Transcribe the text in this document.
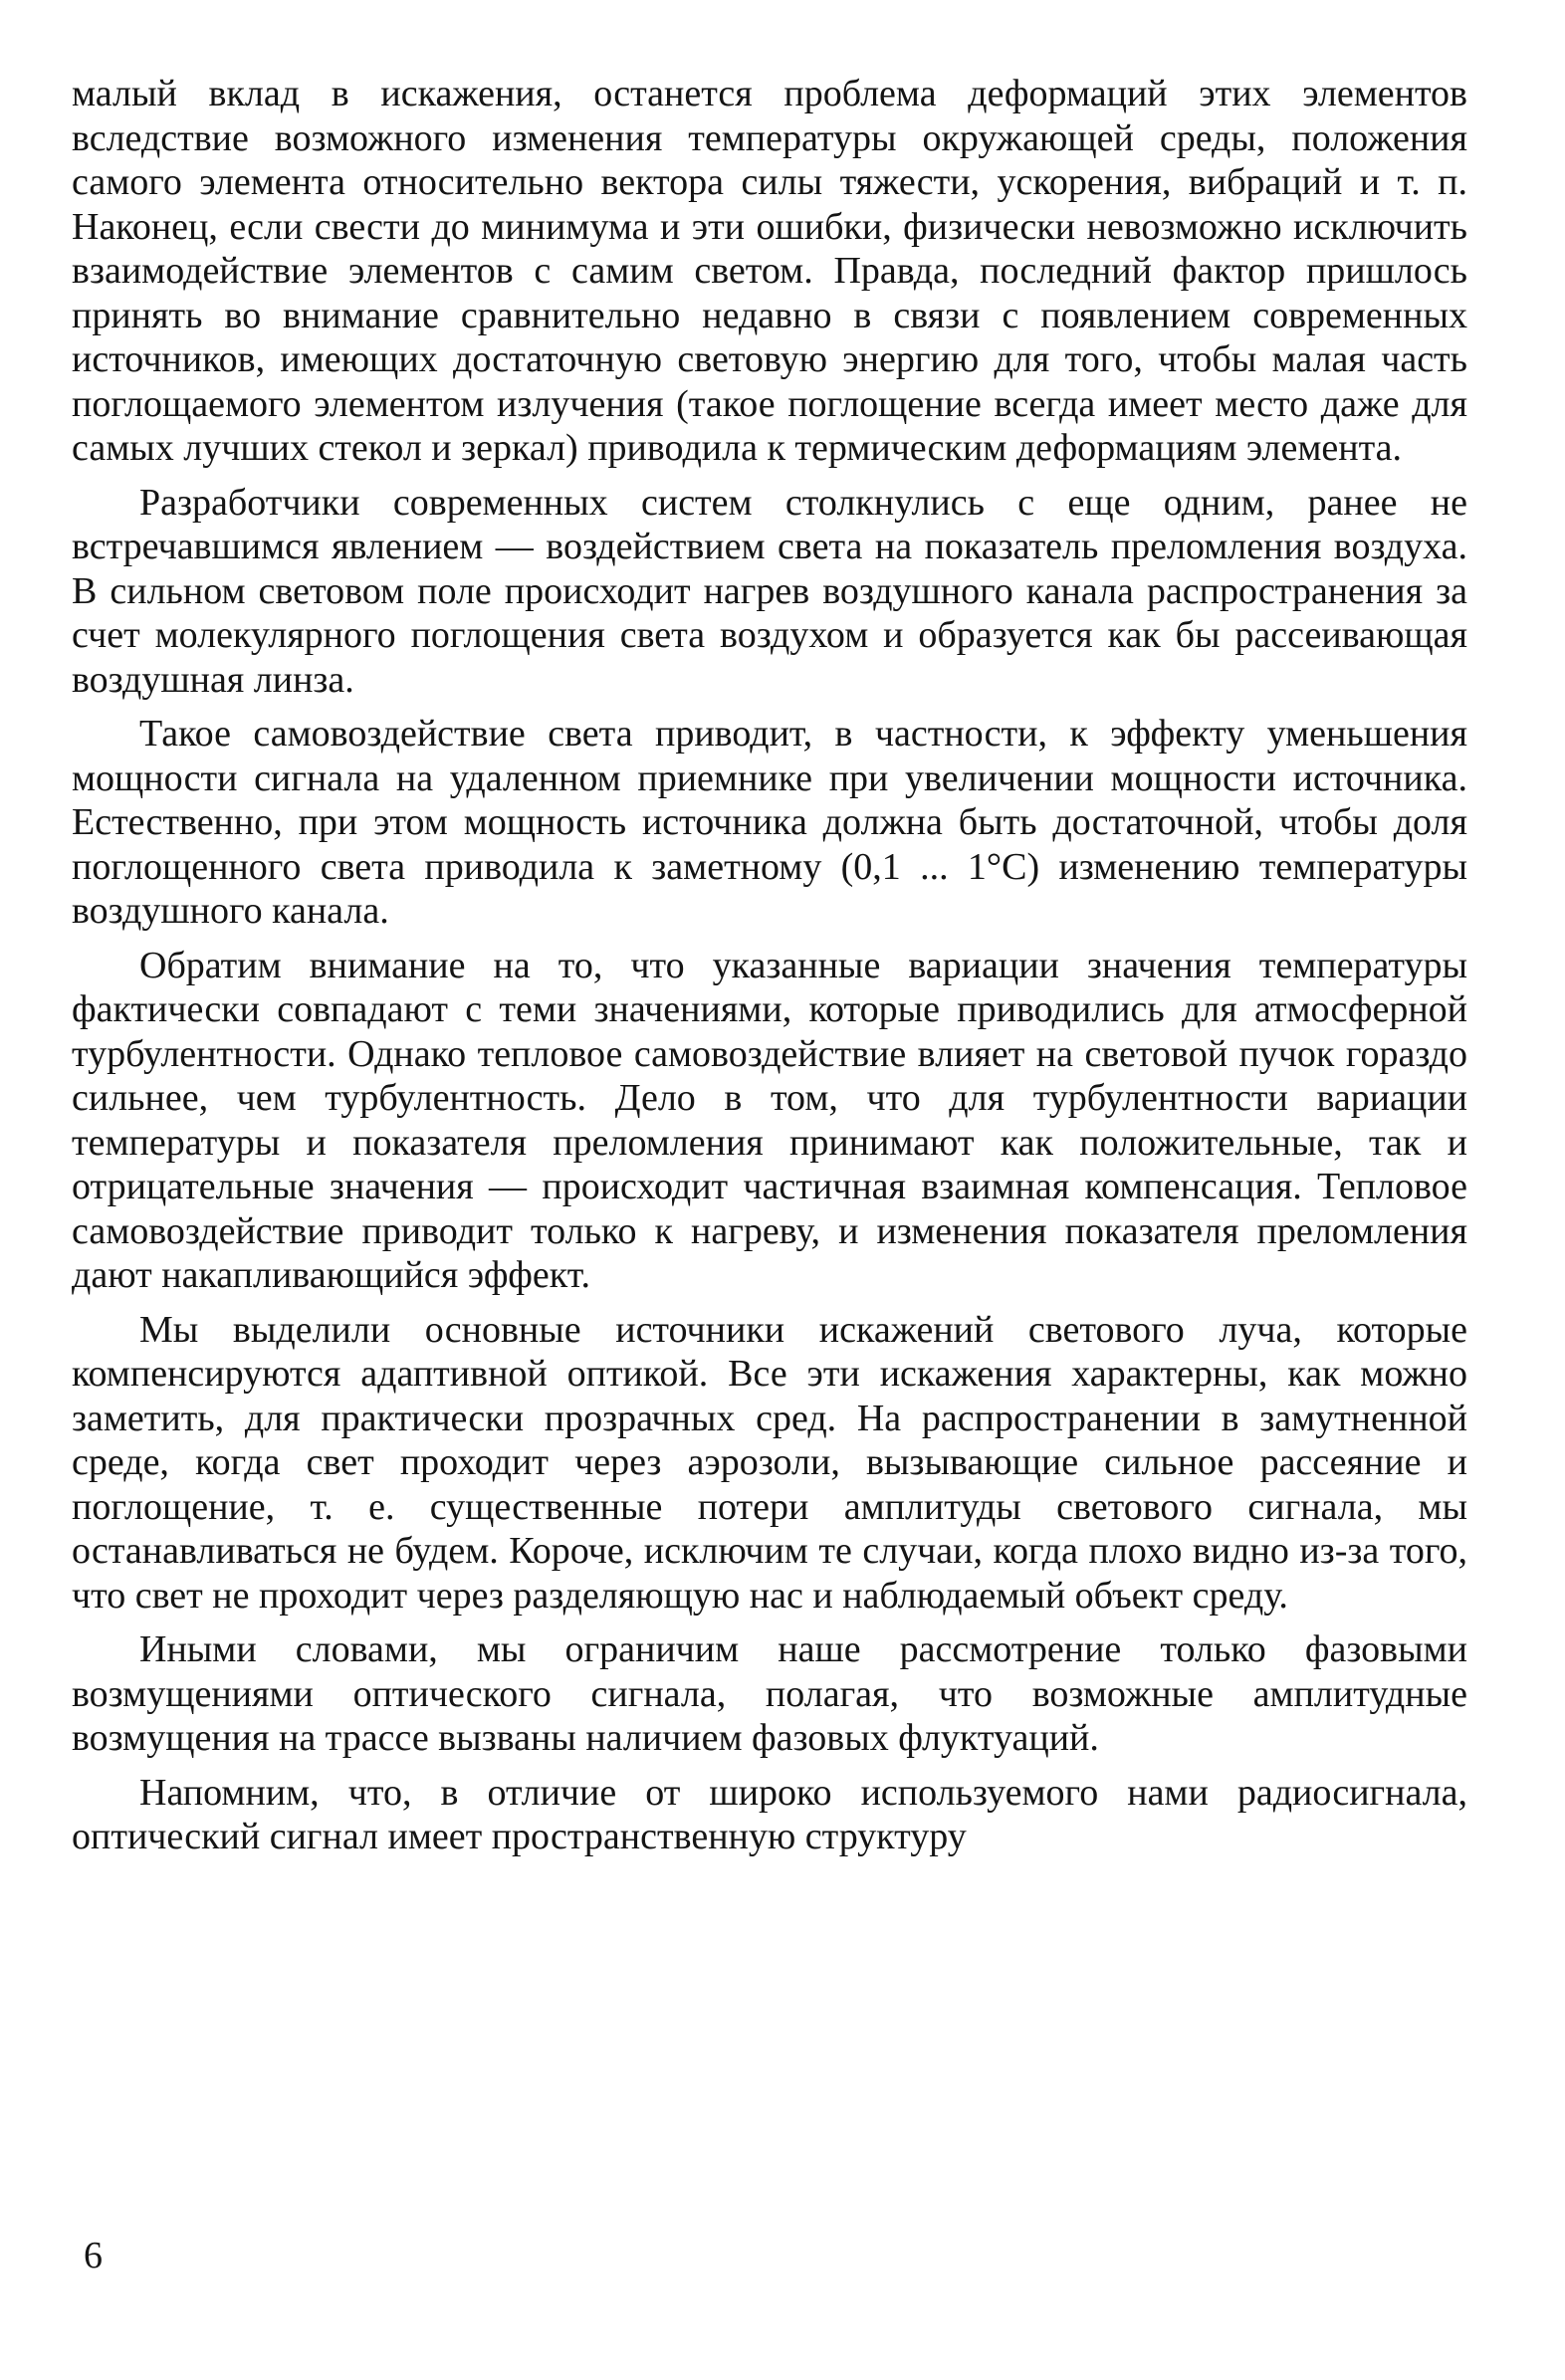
малый вклад в искажения, останется проблема деформаций этих элементов вследствие возможного изменения температуры окружающей среды, положения самого элемента относительно вектора силы тяжести, ускорения, вибраций и т. п. Наконец, если свести до минимума и эти ошибки, физически невозможно исключить взаимодействие элементов с самим светом. Правда, последний фактор пришлось принять во внимание сравнительно недавно в связи с появлением современных источников, имеющих достаточную световую энергию для того, чтобы малая часть поглощаемого элементом излучения (такое поглощение всегда имеет место даже для самых лучших стекол и зеркал) приводила к термическим деформациям элемента.

Разработчики современных систем столкнулись с еще одним, ранее не встречавшимся явлением — воздействием света на показатель преломления воздуха. В сильном световом поле происходит нагрев воздушного канала распространения за счет молекулярного поглощения света воздухом и образуется как бы рассеивающая воздушная линза.

Такое самовоздействие света приводит, в частности, к эффекту уменьшения мощности сигнала на удаленном приемнике при увеличении мощности источника. Естественно, при этом мощность источника должна быть достаточной, чтобы доля поглощенного света приводила к заметному (0,1 ... 1°C) изменению температуры воздушного канала.

Обратим внимание на то, что указанные вариации значения температуры фактически совпадают с теми значениями, которые приводились для атмосферной турбулентности. Однако тепловое самовоздействие влияет на световой пучок гораздо сильнее, чем турбулентность. Дело в том, что для турбулентности вариации температуры и показателя преломления принимают как положительные, так и отрицательные значения — происходит частичная взаимная компенсация. Тепловое самовоздействие приводит только к нагреву, и изменения показателя преломления дают накапливающийся эффект.

Мы выделили основные источники искажений светового луча, которые компенсируются адаптивной оптикой. Все эти искажения характерны, как можно заметить, для практически прозрачных сред. На распространении в замутненной среде, когда свет проходит через аэрозоли, вызывающие сильное рассеяние и поглощение, т. е. существенные потери амплитуды светового сигнала, мы останавливаться не будем. Короче, исключим те случаи, когда плохо видно из-за того, что свет не проходит через разделяющую нас и наблюдаемый объект среду.

Иными словами, мы ограничим наше рассмотрение только фазовыми возмущениями оптического сигнала, полагая, что возможные амплитудные возмущения на трассе вызваны наличием фазовых флуктуаций.

Напомним, что, в отличие от широко используемого нами радиосигнала, оптический сигнал имеет пространственную структуру

6
